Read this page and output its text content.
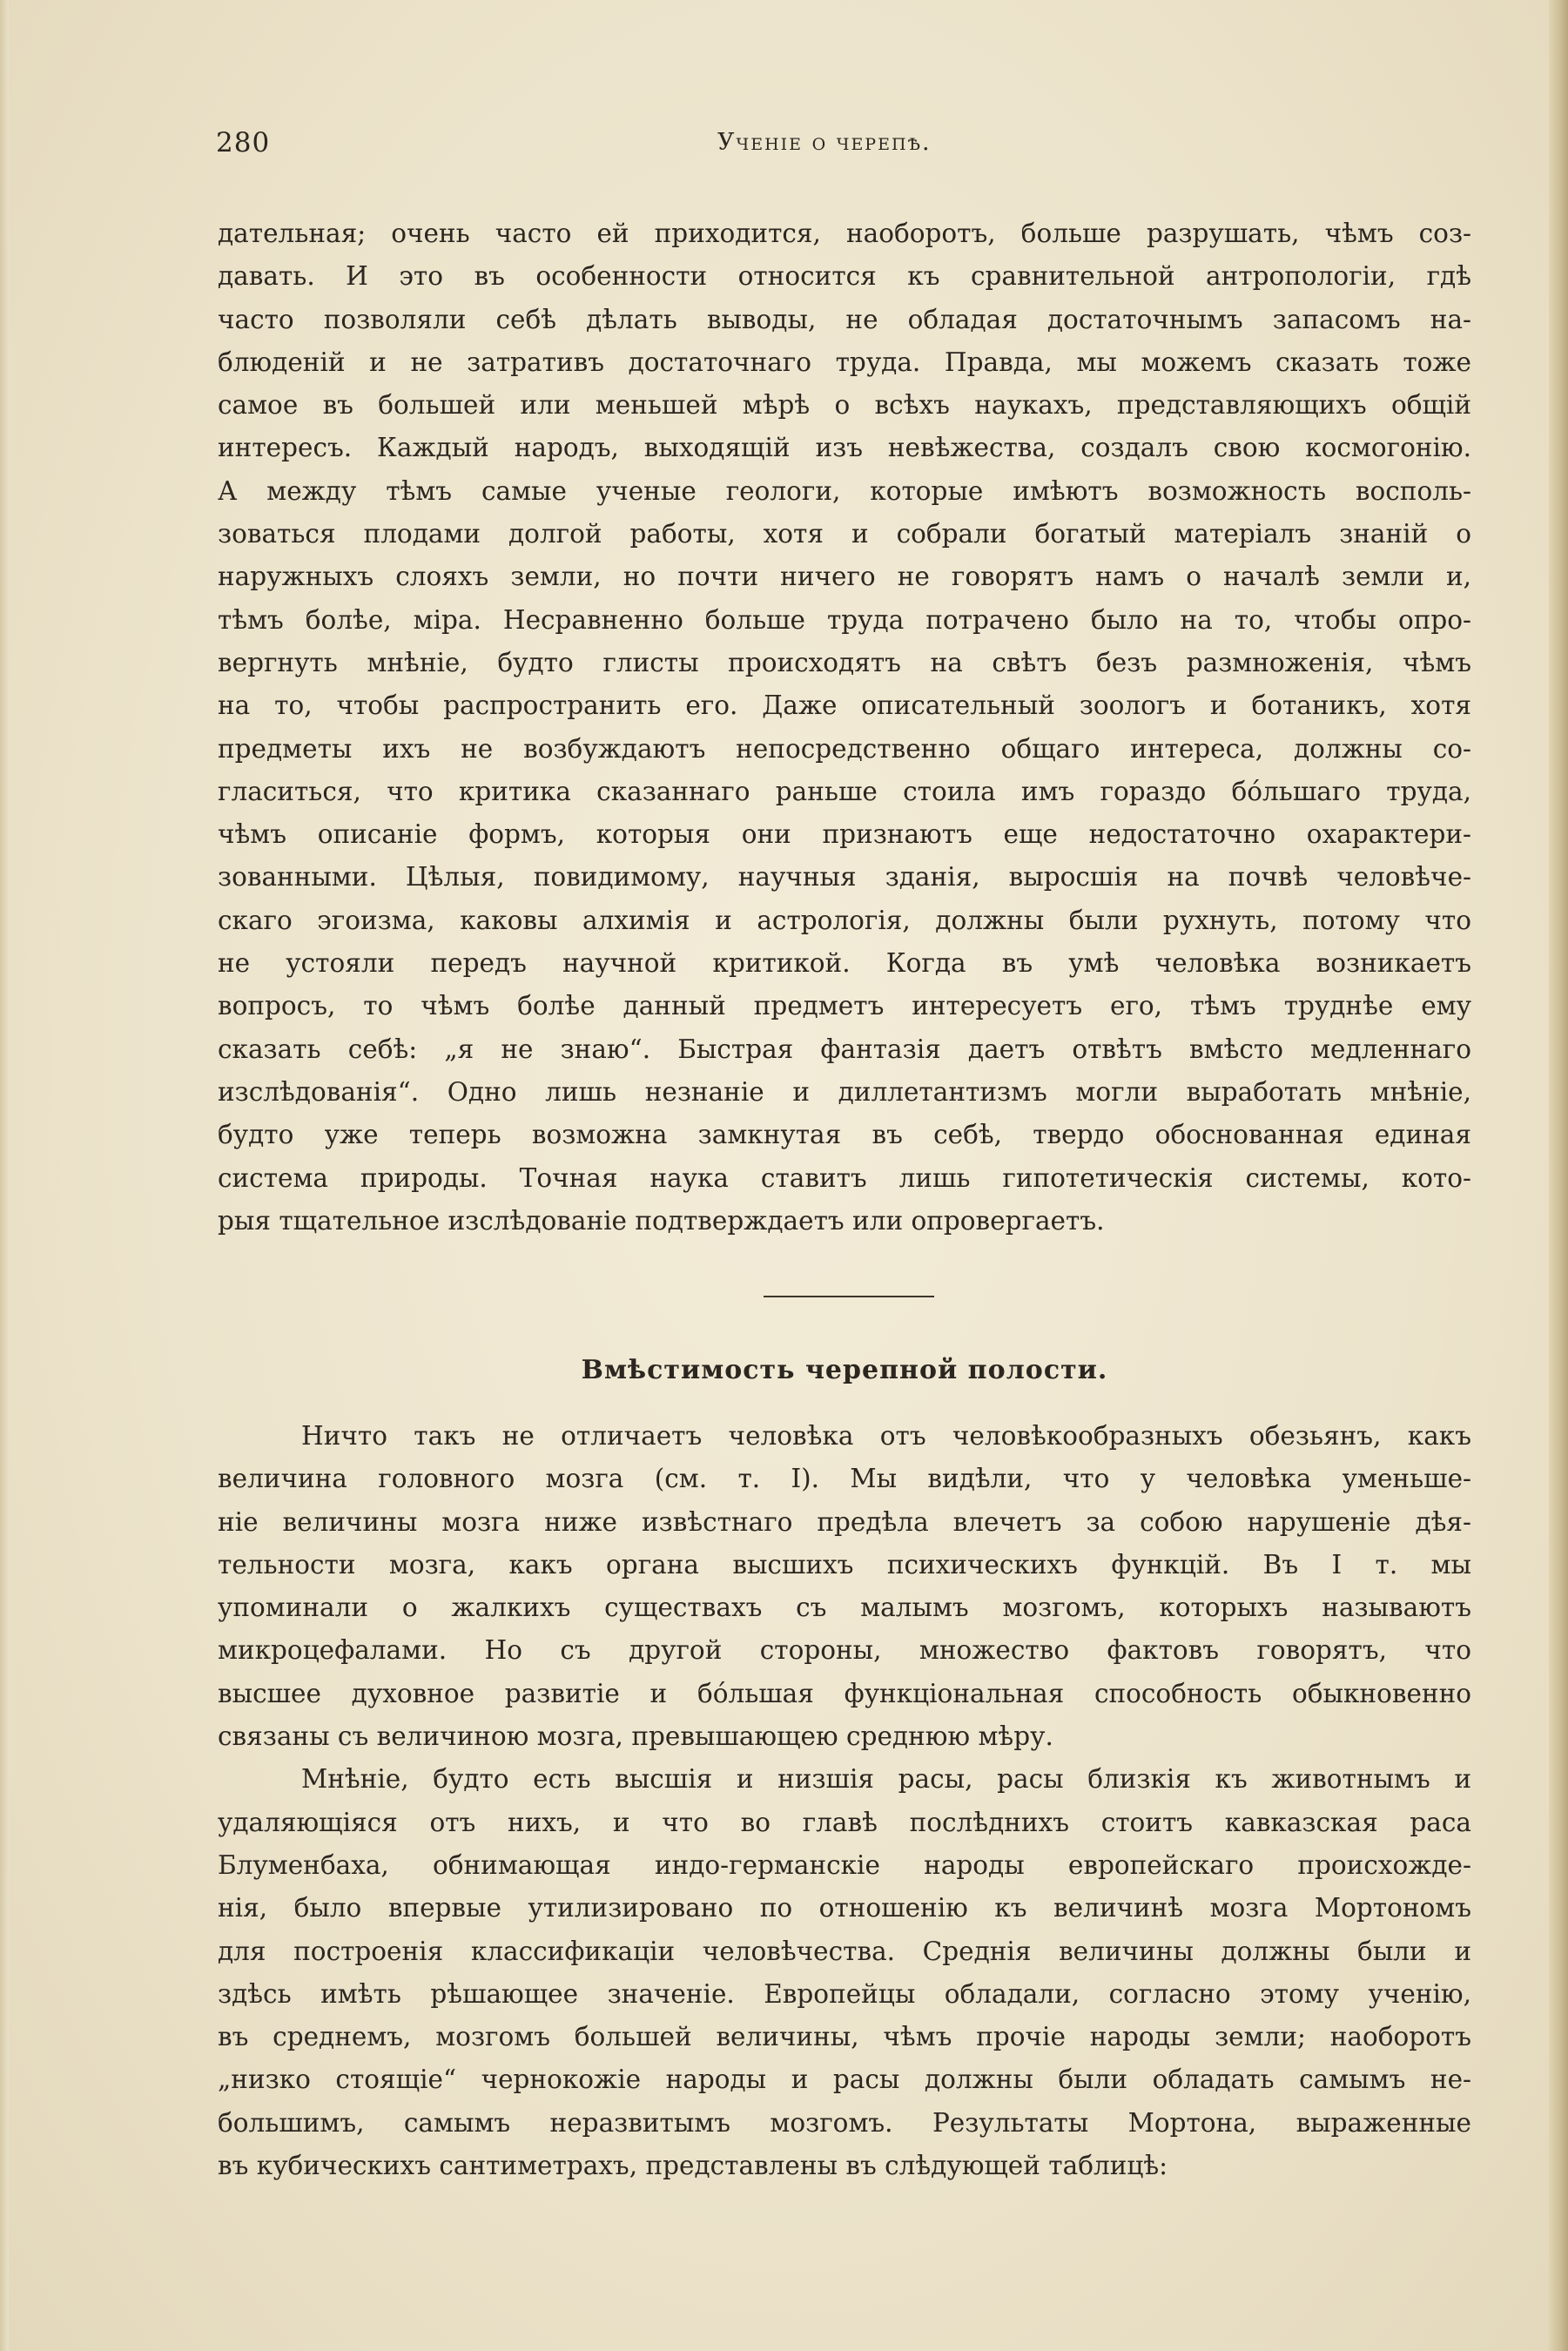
280	Ученiе о черепѣ.
дательная; очень часто ей приходится, наоборотъ, больше разрушать, чѣмъ соз-
давать. И это въ особенности относится къ сравнительной антропологiи, гдѣ
часто позволяли себѣ дѣлать выводы, не обладая достаточнымъ запасомъ на-
блюденiй и не затративъ достаточнаго труда. Правда, мы можемъ сказать тоже
самое въ большей или меньшей мѣрѣ о всѣхъ наукахъ, представляющихъ общiй
интересъ. Каждый народъ, выходящiй изъ невѣжества, создалъ свою космогонiю.
А между тѣмъ самые ученые геологи, которые имѣютъ возможность восполь-
зоваться плодами долгой работы, хотя и собрали богатый матерiалъ знанiй о
наружныхъ слояхъ земли, но почти ничего не говорятъ намъ о началѣ земли и,
тѣмъ болѣе, мiра. Несравненно больше труда потрачено было на то, чтобы опро-
вергнуть мнѣнiе, будто глисты происходятъ на свѣтъ безъ размноженiя, чѣмъ
на то, чтобы распространить его. Даже описательный зоологъ и ботаникъ, хотя
предметы ихъ не возбуждаютъ непосредственно общаго интереса, должны со-
гласиться, что критика сказаннаго раньше стоила имъ гораздо бóльшаго труда,
чѣмъ описанiе формъ, которыя они признаютъ еще недостаточно охарактери-
зованными. Цѣлыя, повидимому, научныя зданiя, выросшiя на почвѣ человѣче-
скаго эгоизма, каковы алхимiя и астрологiя, должны были рухнуть, потому что
не устояли передъ научной критикой. Когда въ умѣ человѣка возникаетъ
вопросъ, то чѣмъ болѣе данный предметъ интересуетъ его, тѣмъ труднѣе ему
сказать себѣ: „я не знаю“. Быстрая фантазiя даетъ отвѣтъ вмѣсто медленнаго
изслѣдованiя“. Одно лишь незнанiе и диллетантизмъ могли выработать мнѣнiе,
будто уже теперь возможна замкнутая въ себѣ, твердо обоснованная единая
система природы. Точная наука ставитъ лишь гипотетическiя системы, кото-
рыя тщательное изслѣдованiе подтверждаетъ или опровергаетъ.
Вмѣстимость черепной полости.
Ничто такъ не отличаетъ человѣка отъ человѣкообразныхъ обезьянъ, какъ
величина головного мозга (см. т. I). Мы видѣли, что у человѣка уменьше-
нiе величины мозга ниже извѣстнаго предѣла влечетъ за собою нарушенiе дѣя-
тельности мозга, какъ органа высшихъ психическихъ функцiй. Въ I т. мы
упоминали о жалкихъ существахъ съ малымъ мозгомъ, которыхъ называютъ
микроцефалами. Но съ другой стороны, множество фактовъ говорятъ, что
высшее духовное развитiе и бóльшая функцiональная способность обыкновенно
связаны съ величиною мозга, превышающею среднюю мѣру.
Мнѣнiе, будто есть высшiя и низшiя расы, расы близкiя къ животнымъ и
удаляющiяся отъ нихъ, и что во главѣ послѣднихъ стоитъ кавказская раса
Блуменбаха, обнимающая индо-германскiе народы европейскаго происхожде-
нiя, было впервые утилизировано по отношенiю къ величинѣ мозга Мортономъ
для построенiя классификацiи человѣчества. Среднiя величины должны были и
здѣсь имѣть рѣшающее значенiе. Европейцы обладали, согласно этому ученiю,
въ среднемъ, мозгомъ большей величины, чѣмъ прочiе народы земли; наоборотъ
„низко стоящiе“ чернокожiе народы и расы должны были обладать самымъ не-
большимъ, самымъ неразвитымъ мозгомъ. Результаты Мортона, выраженные
въ кубическихъ сантиметрахъ, представлены въ слѣдующей таблицѣ:
